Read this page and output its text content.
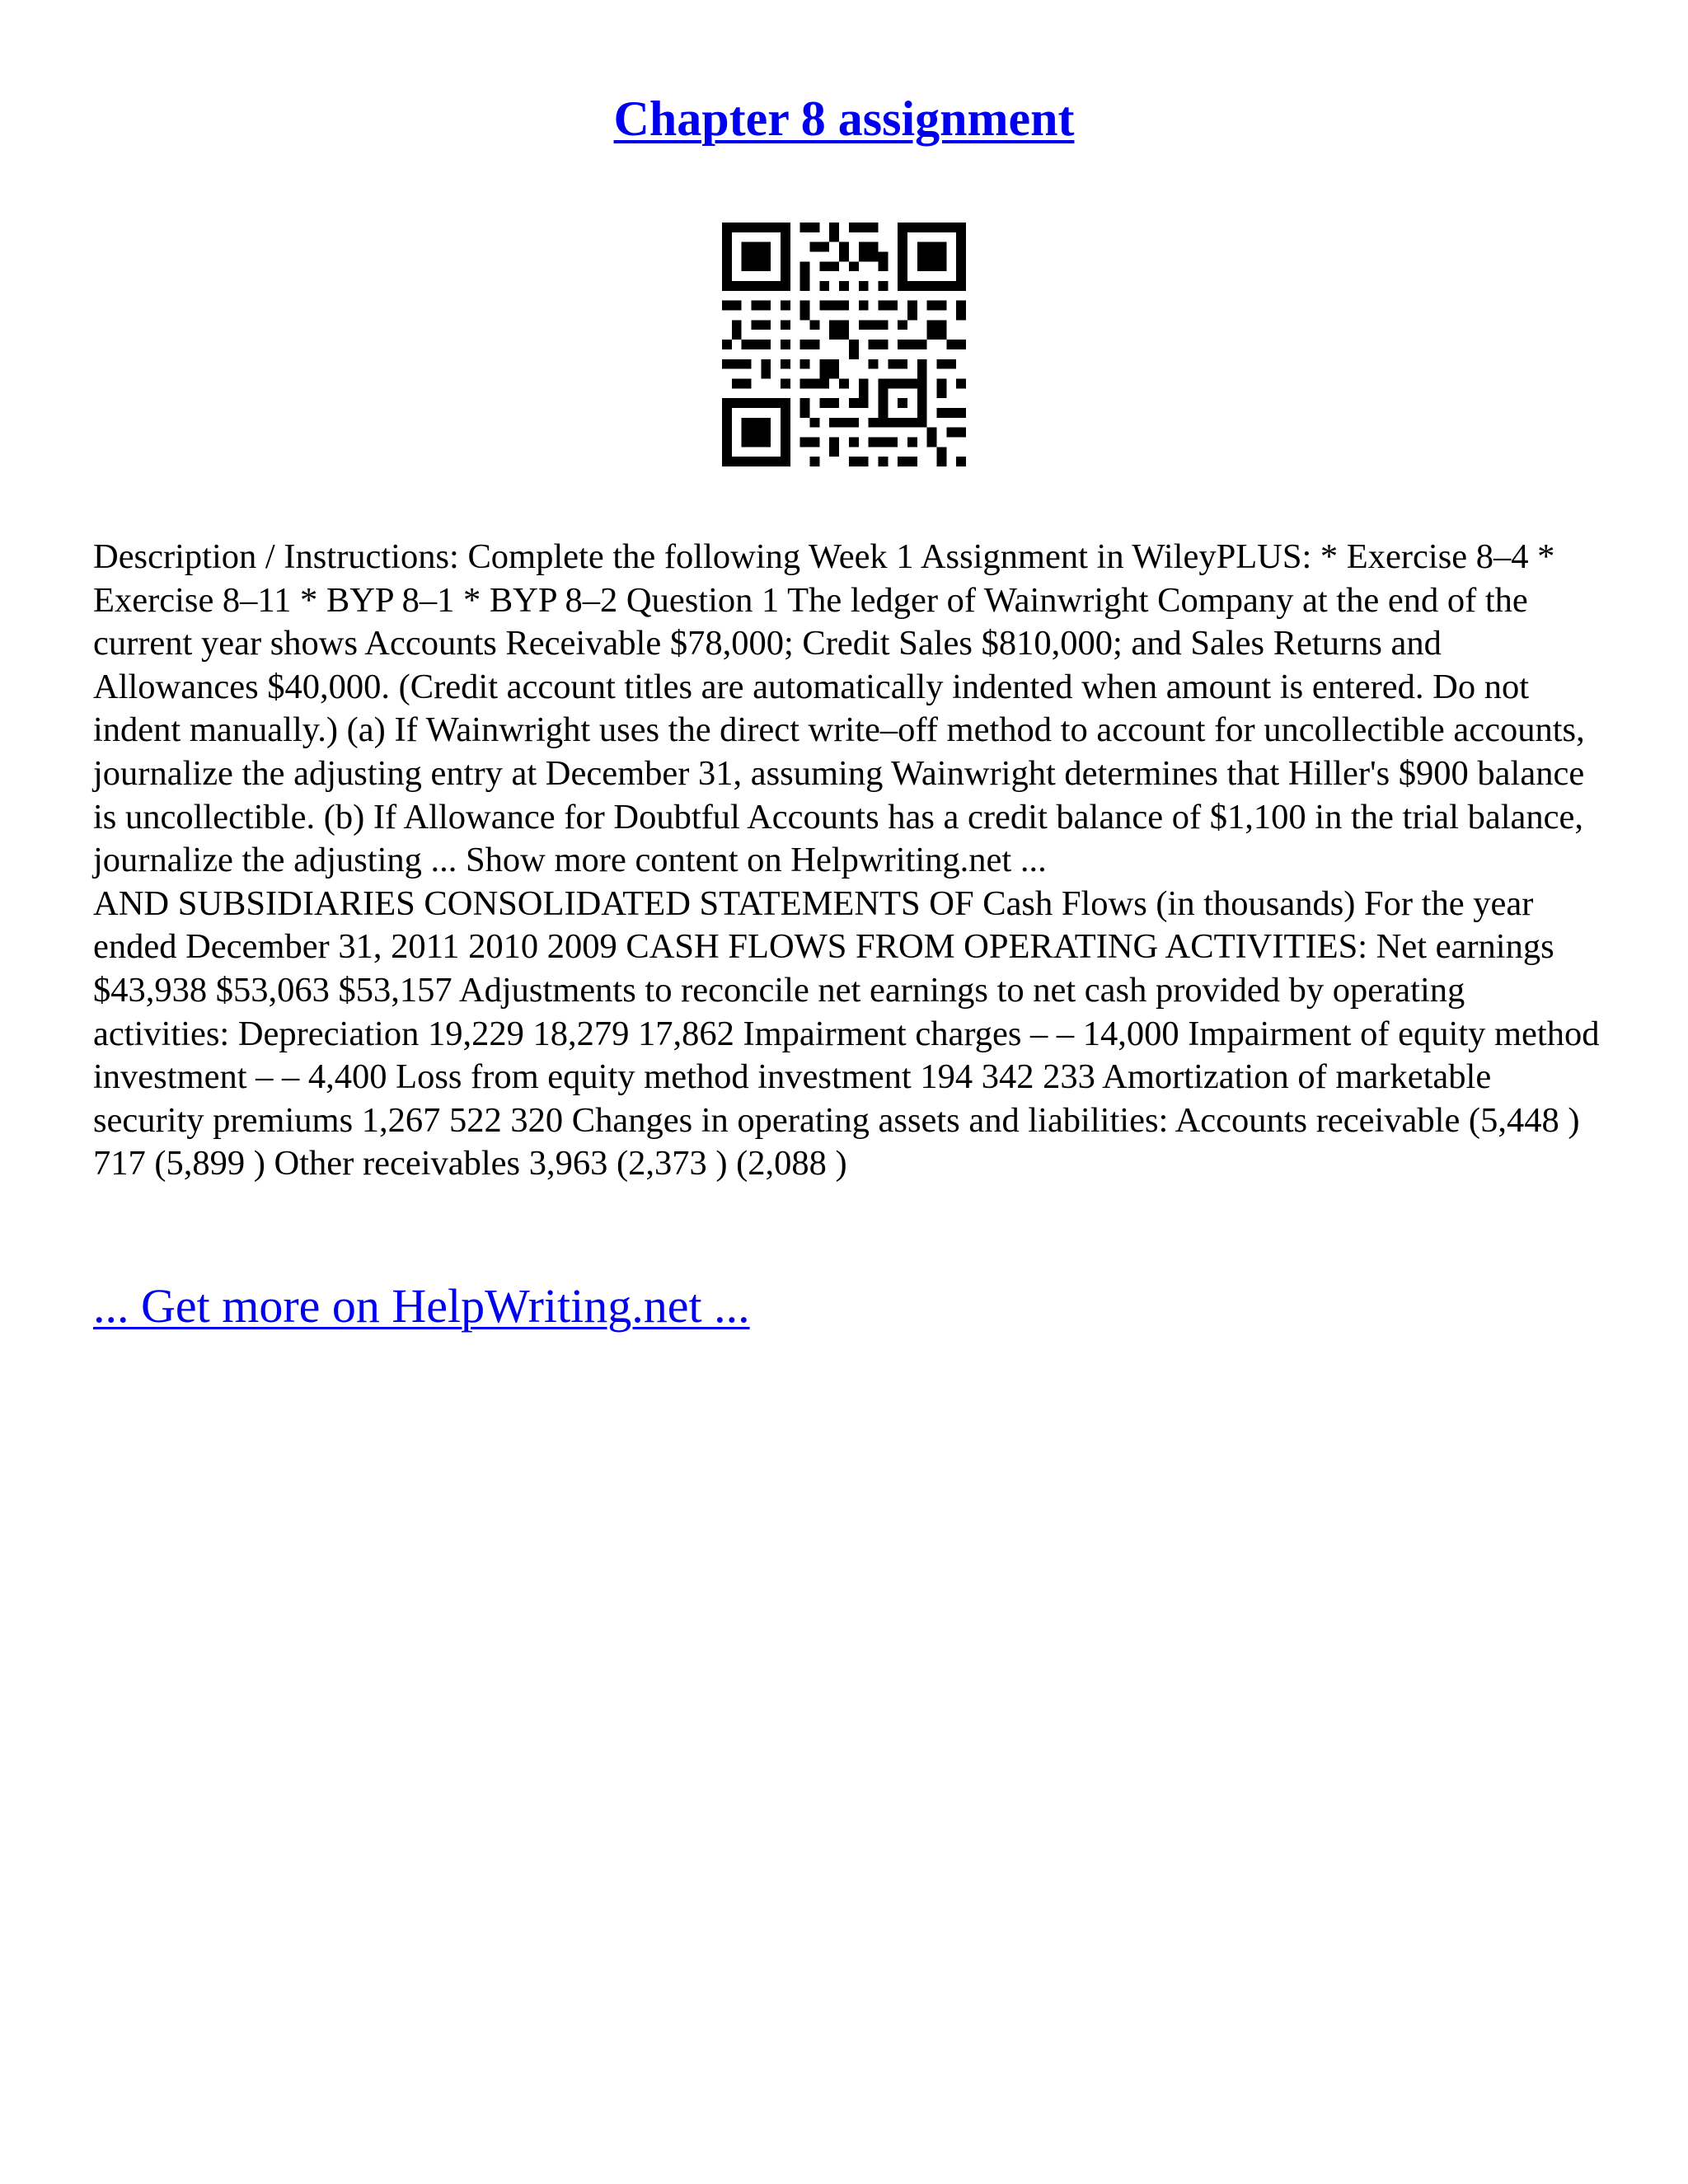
Chapter 8 assignment

Description / Instructions: Complete the following Week 1 Assignment in WileyPLUS: * Exercise 8–4 * Exercise 8–11 * BYP 8–1 * BYP 8–2 Question 1 The ledger of Wainwright Company at the end of the current year shows Accounts Receivable $78,000; Credit Sales $810,000; and Sales Returns and Allowances $40,000. (Credit account titles are automatically indented when amount is entered. Do not indent manually.) (a) If Wainwright uses the direct write–off method to account for uncollectible accounts, journalize the adjusting entry at December 31, assuming Wainwright determines that Hiller's $900 balance is uncollectible. (b) If Allowance for Doubtful Accounts has a credit balance of $1,100 in the trial balance, journalize the adjusting ... Show more content on Helpwriting.net ...

AND SUBSIDIARIES CONSOLIDATED STATEMENTS OF Cash Flows (in thousands) For the year ended December 31, 2011 2010 2009 CASH FLOWS FROM OPERATING ACTIVITIES: Net earnings $43,938 $53,063 $53,157 Adjustments to reconcile net earnings to net cash provided by operating activities: Depreciation 19,229 18,279 17,862 Impairment charges – – 14,000 Impairment of equity method investment – – 4,400 Loss from equity method investment 194 342 233 Amortization of marketable security premiums 1,267 522 320 Changes in operating assets and liabilities: Accounts receivable (5,448 ) 717 (5,899 ) Other receivables 3,963 (2,373 ) (2,088 )

... Get more on HelpWriting.net ...
